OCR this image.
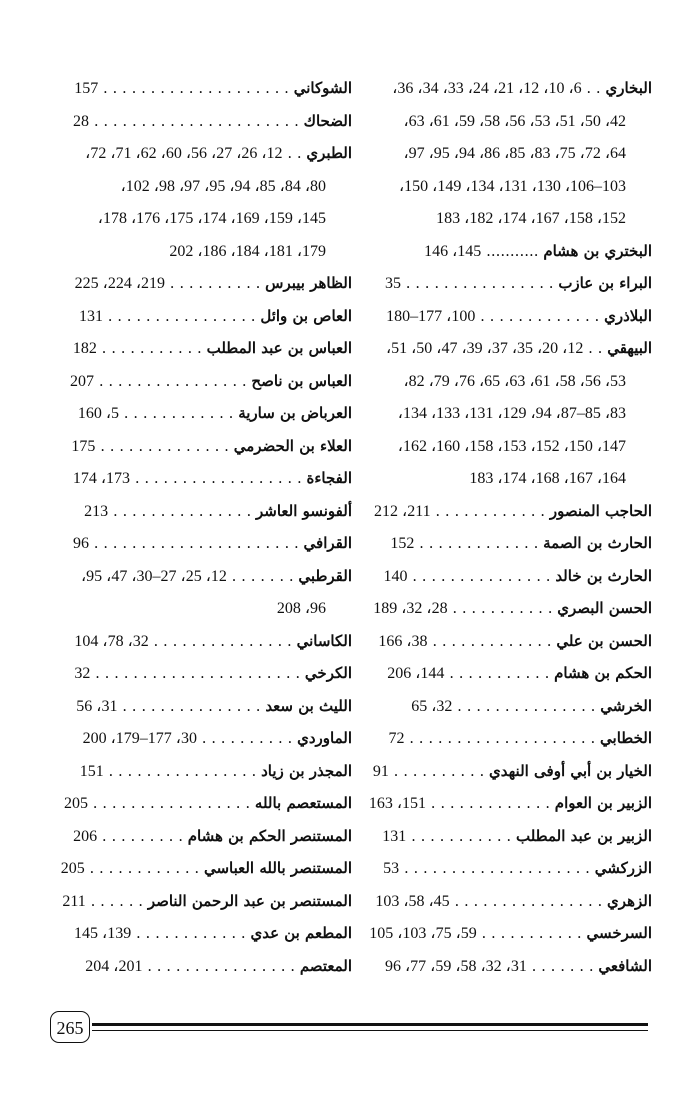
البخاري . . 6، 10، 12، 21، 24، 33، 34، 36،
42، 50، 51، 53، 56، 58، 59، 61، 63،
64، 72، 75، 83، 85، 86، 94، 95، 97،
103–106، 130، 131، 134، 149، 150،
152، 158، 167، 174، 182، 183
البختري بن هشام ........... 145، 146
البراء بن عازب . . . . . . . . . . . . . . . . 35
البلاذري . . . . . . . . . . . . . 100، 177–180
البيهقي . . 12، 20، 35، 37، 39، 47، 50، 51،
53، 56، 58، 61، 63، 65، 76، 79، 82،
83، 85–87، 94، 129، 131، 133، 134،
147، 150، 152، 153، 158، 160، 162،
164، 167، 168، 174، 183
الحاجب المنصور . . . . . . . . . . . . 211، 212
الحارث بن الصمة . . . . . . . . . . . . . 152
الحارث بن خالد . . . . . . . . . . . . . . . 140
الحسن البصري . . . . . . . . . . . 28، 32، 189
الحسن بن علي . . . . . . . . . . . . . 38، 166
الحكم بن هشام . . . . . . . . . . . 144، 206
الخرشي . . . . . . . . . . . . . . . 32، 65
الخطابي . . . . . . . . . . . . . . . . . . . . 72
الخيار بن أبي أوفى النهدي . . . . . . . . . . 91
الزبير بن العوام . . . . . . . . . . . . . 151، 163
الزبير بن عبد المطلب . . . . . . . . . . . 131
الزركشي . . . . . . . . . . . . . . . . . . . . 53
الزهري . . . . . . . . . . . . . . . . 45، 58، 103
السرخسي . . . . . . . . . . . 59، 75، 103، 105
الشافعي . . . . . . . 31، 32، 58، 59، 77، 96
الشوكاني . . . . . . . . . . . . . . . . . . . . 157
الضحاك . . . . . . . . . . . . . . . . . . . . . . 28
الطبري . . 12، 26، 27، 56، 60، 62، 71، 72،
80، 84، 85، 94، 95، 97، 98، 102،
145، 159، 169، 174، 175، 176، 178،
179، 181، 184، 186، 202
الظاهر بيبرس . . . . . . . . . . 219، 224، 225
العاص بن وائل . . . . . . . . . . . . . . . . 131
العباس بن عبد المطلب . . . . . . . . . . . 182
العباس بن ناصح . . . . . . . . . . . . . . . . 207
العرباض بن سارية . . . . . . . . . . . . 5، 160
العلاء بن الحضرمي . . . . . . . . . . . . . . 175
الفجاءة . . . . . . . . . . . . . . . . . . 173، 174
ألفونسو العاشر . . . . . . . . . . . . . . . 213
القرافي . . . . . . . . . . . . . . . . . . . . . . 96
القرطبي . . . . . . . 12، 25، 27–30، 47، 95،
96، 208
الكاساني . . . . . . . . . . . . . . . 32، 78، 104
الكرخي . . . . . . . . . . . . . . . . . . . . . . 32
الليث بن سعد . . . . . . . . . . . . . . . 31، 56
الماوردي . . . . . . . . . . 30، 177–179، 200
المجذر بن زياد . . . . . . . . . . . . . . . . 151
المستعصم بالله . . . . . . . . . . . . . . . . . 205
المستنصر الحكم بن هشام . . . . . . . . . 206
المستنصر بالله العباسي . . . . . . . . . . . . 205
المستنصر بن عبد الرحمن الناصر . . . . . . 211
المطعم بن عدي . . . . . . . . . . . . 139، 145
المعتصم . . . . . . . . . . . . . . . . 201، 204
265
